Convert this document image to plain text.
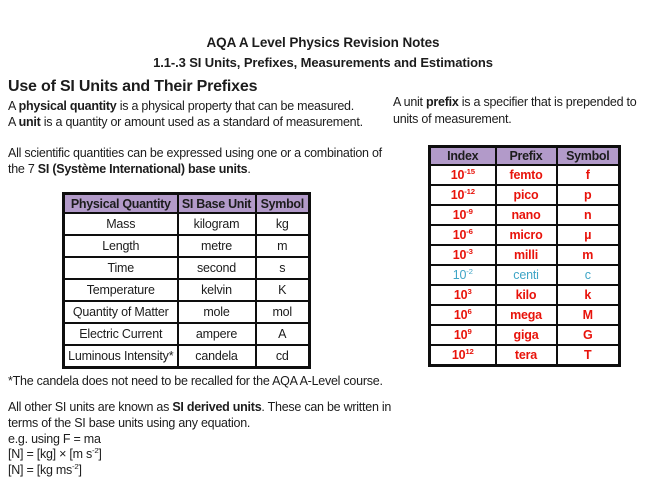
AQA A Level Physics Revision Notes
1.1-.3 SI Units, Prefixes, Measurements and Estimations
Use of SI Units and Their Prefixes
A physical quantity is a physical property that can be measured.
A unit is a quantity or amount used as a standard of measurement.
All scientific quantities can be expressed using one or a combination of
the 7 SI (Système International) base units.
Physical Quantity	SI Base Unit	Symbol
Mass	kilogram	kg
Length	metre	m
Time	second	s
Temperature	kelvin	K
Quantity of Matter	mole	mol
Electric Current	ampere	A
Luminous Intensity*	candela	cd
*The candela does not need to be recalled for the AQA A-Level course.
All other SI units are known as SI derived units. These can be written in
terms of the SI base units using any equation.
e.g. using F = ma
[N] = [kg] × [m $s^{-2}$]
[N] = [kg $ms^{-2}$]
A unit prefix is a specifier that is prepended to
units of measurement.
Index	Prefix	Symbol
$10^{-15}$	femto	f
$10^{-12}$	pico	p
$10^{-9}$	nano	n
$10^{-6}$	micro	µ
$10^{-3}$	milli	m
$10^{-2}$	centi	c
$10^3$	kilo	k
$10^6$	mega	M
$10^9$	giga	G
$10^{12}$	tera	T
